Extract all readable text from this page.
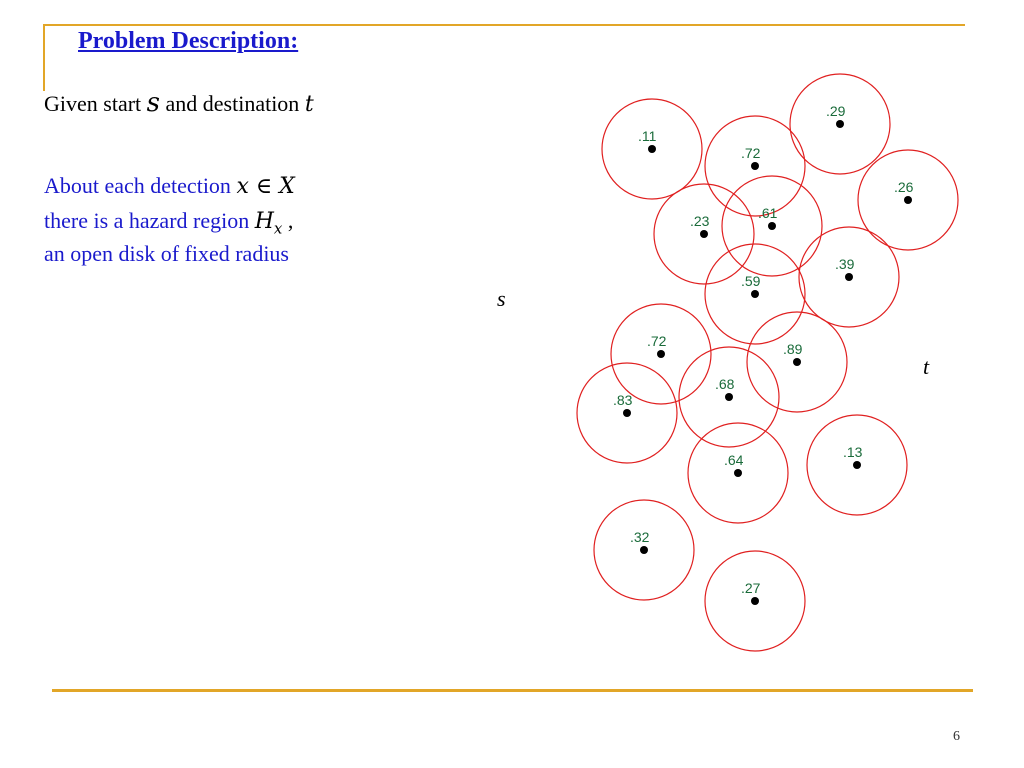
Problem Description:
Given start s and destination t
About each detection x ∈ X
there is a hazard region $H_x$ ,
an open disk of fixed radius
.11
.72
.29
.26
.23	.61
.39
.59
.72	.89
.68
.83
.64	.13
.32
.27
s
t
6
